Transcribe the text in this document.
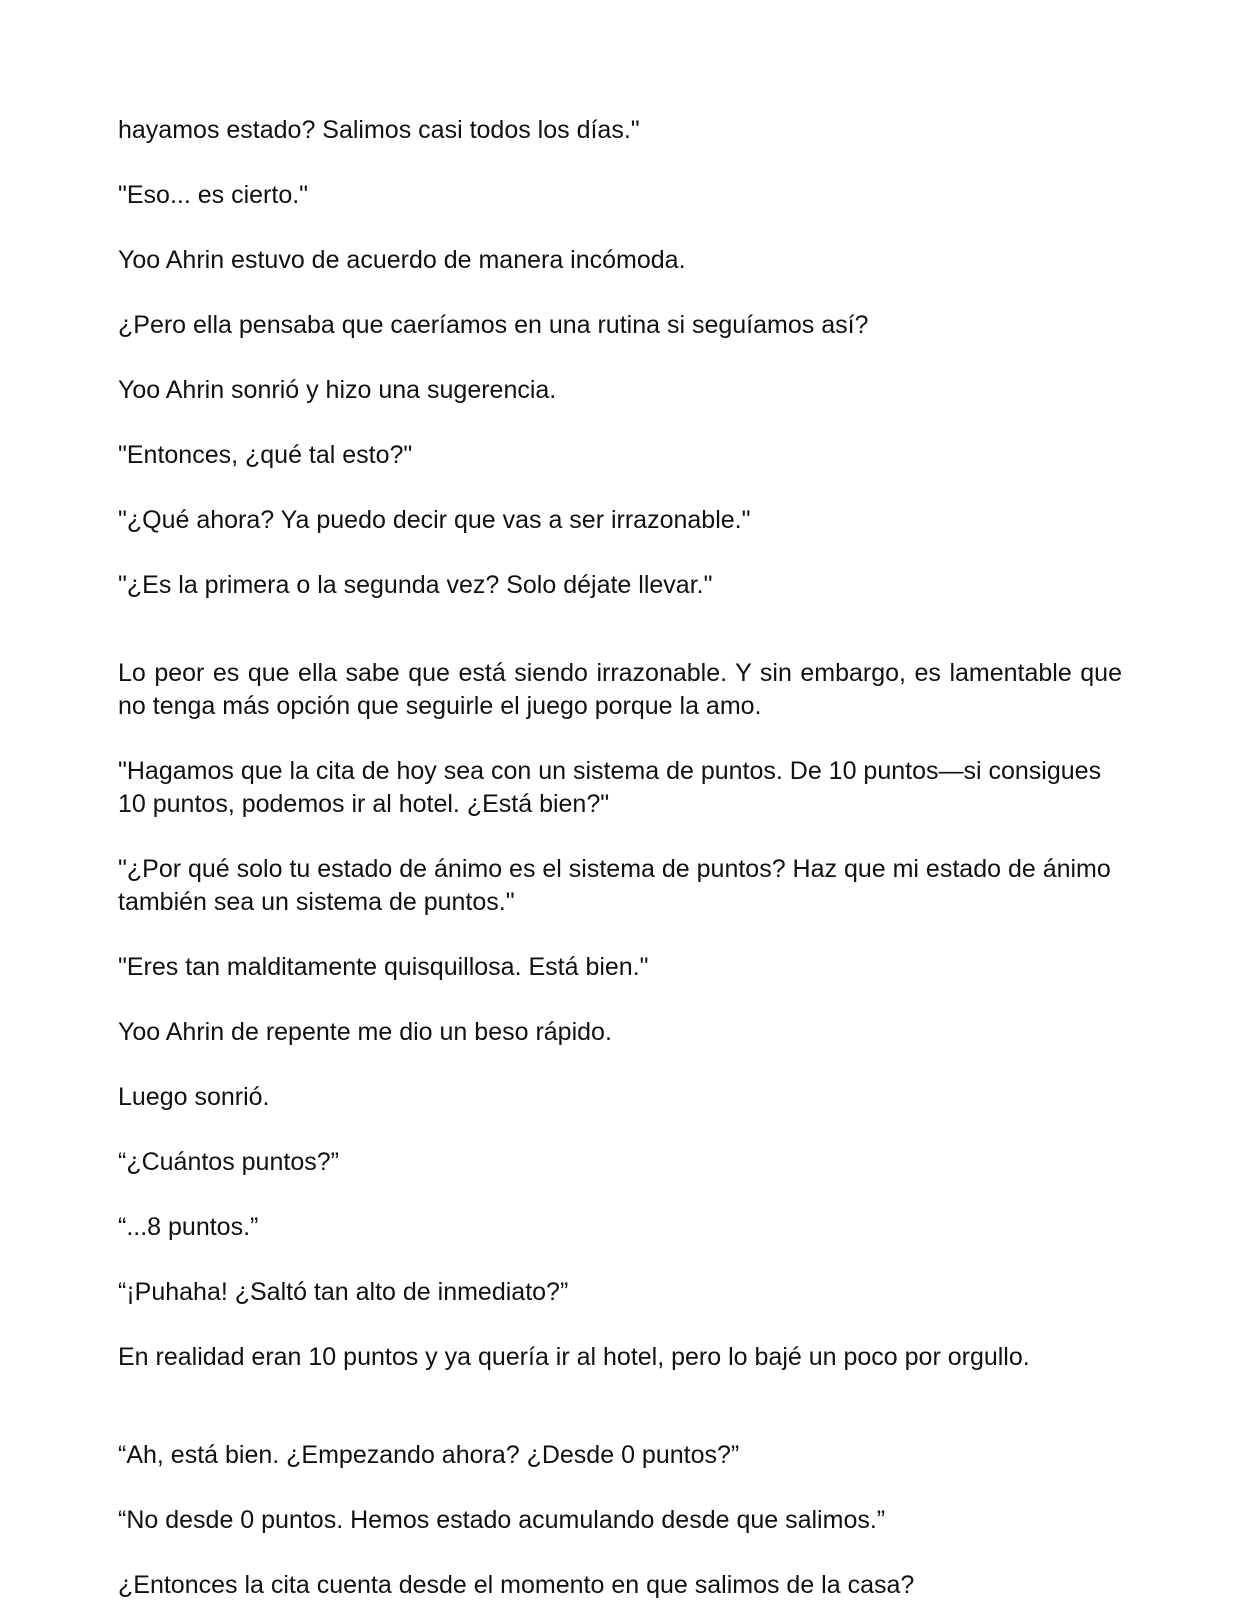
hayamos estado? Salimos casi todos los días."

"Eso... es cierto."

Yoo Ahrin estuvo de acuerdo de manera incómoda.

¿Pero ella pensaba que caeríamos en una rutina si seguíamos así?

Yoo Ahrin sonrió y hizo una sugerencia.

"Entonces, ¿qué tal esto?"

"¿Qué ahora? Ya puedo decir que vas a ser irrazonable."

"¿Es la primera o la segunda vez? Solo déjate llevar."

Lo peor es que ella sabe que está siendo irrazonable. Y sin embargo, es lamentable que no tenga más opción que seguirle el juego porque la amo.

"Hagamos que la cita de hoy sea con un sistema de puntos. De 10 puntos—si consigues 10 puntos, podemos ir al hotel. ¿Está bien?"

"¿Por qué solo tu estado de ánimo es el sistema de puntos? Haz que mi estado de ánimo también sea un sistema de puntos."

"Eres tan malditamente quisquillosa. Está bien."

Yoo Ahrin de repente me dio un beso rápido.

Luego sonrió.

“¿Cuántos puntos?”

“...8 puntos.”

“¡Puhaha! ¿Saltó tan alto de inmediato?”

En realidad eran 10 puntos y ya quería ir al hotel, pero lo bajé un poco por orgullo.

“Ah, está bien. ¿Empezando ahora? ¿Desde 0 puntos?”

“No desde 0 puntos. Hemos estado acumulando desde que salimos.”

¿Entonces la cita cuenta desde el momento en que salimos de la casa?
